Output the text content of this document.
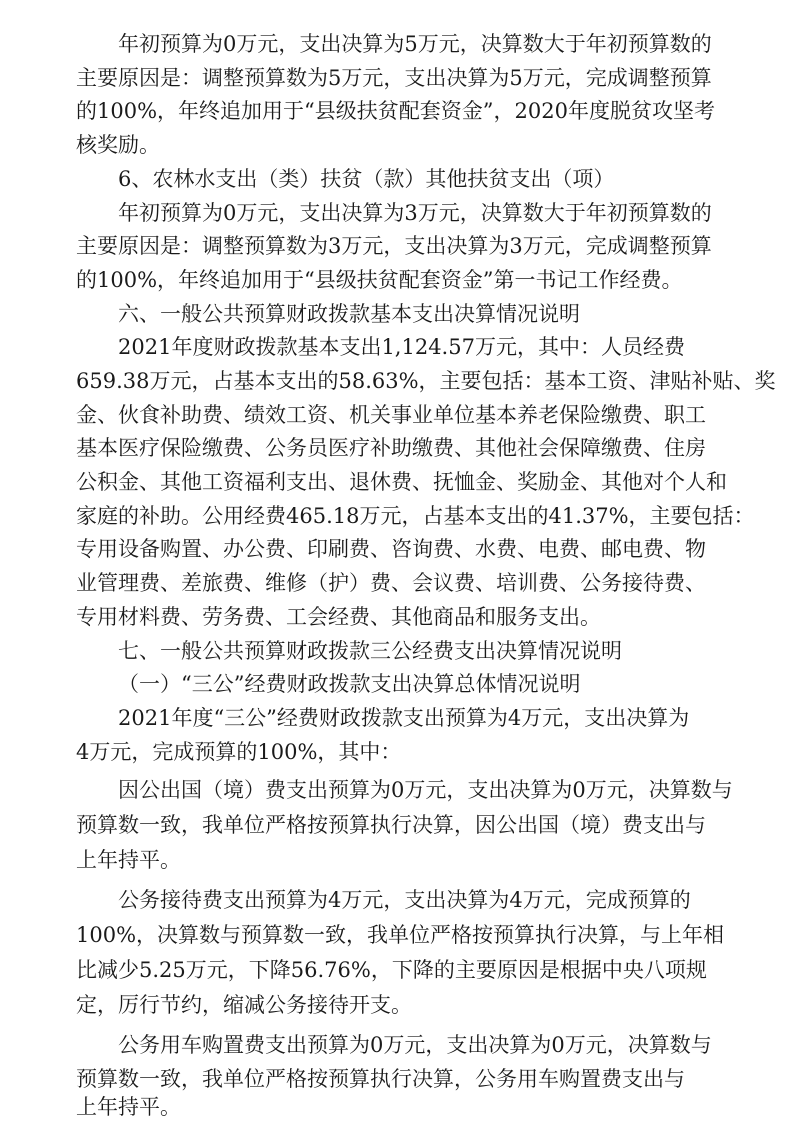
年初预算为0万元，支出决算为5万元，决算数大于年初预算数的
主要原因是：调整预算数为5万元，支出决算为5万元，完成调整预算
的100%，年终追加用于“县级扶贫配套资金”，2020年度脱贫攻坚考
核奖励。
6、农林水支出（类）扶贫（款）其他扶贫支出（项）
年初预算为0万元，支出决算为3万元，决算数大于年初预算数的
主要原因是：调整预算数为3万元，支出决算为3万元，完成调整预算
的100%，年终追加用于“县级扶贫配套资金”第一书记工作经费。
六、一般公共预算财政拨款基本支出决算情况说明
2021年度财政拨款基本支出1,124.57万元，其中：人员经费
659.38万元，占基本支出的58.63%，主要包括：基本工资、津贴补贴、奖
金、伙食补助费、绩效工资、机关事业单位基本养老保险缴费、职工
基本医疗保险缴费、公务员医疗补助缴费、其他社会保障缴费、住房
公积金、其他工资福利支出、退休费、抚恤金、奖励金、其他对个人和
家庭的补助。公用经费465.18万元，占基本支出的41.37%，主要包括：
专用设备购置、办公费、印刷费、咨询费、水费、电费、邮电费、物
业管理费、差旅费、维修（护）费、会议费、培训费、公务接待费、
专用材料费、劳务费、工会经费、其他商品和服务支出。
七、一般公共预算财政拨款三公经费支出决算情况说明
（一）“三公”经费财政拨款支出决算总体情况说明
2021年度“三公”经费财政拨款支出预算为4万元，支出决算为
4万元，完成预算的100%，其中：
因公出国（境）费支出预算为0万元，支出决算为0万元，决算数与
预算数一致，我单位严格按预算执行决算，因公出国（境）费支出与
上年持平。
公务接待费支出预算为4万元，支出决算为4万元，完成预算的
100%，决算数与预算数一致，我单位严格按预算执行决算，与上年相
比减少5.25万元，下降56.76%，下降的主要原因是根据中央八项规
定，厉行节约，缩减公务接待开支。
公务用车购置费支出预算为0万元，支出决算为0万元，决算数与
预算数一致，我单位严格按预算执行决算，公务用车购置费支出与
上年持平。
